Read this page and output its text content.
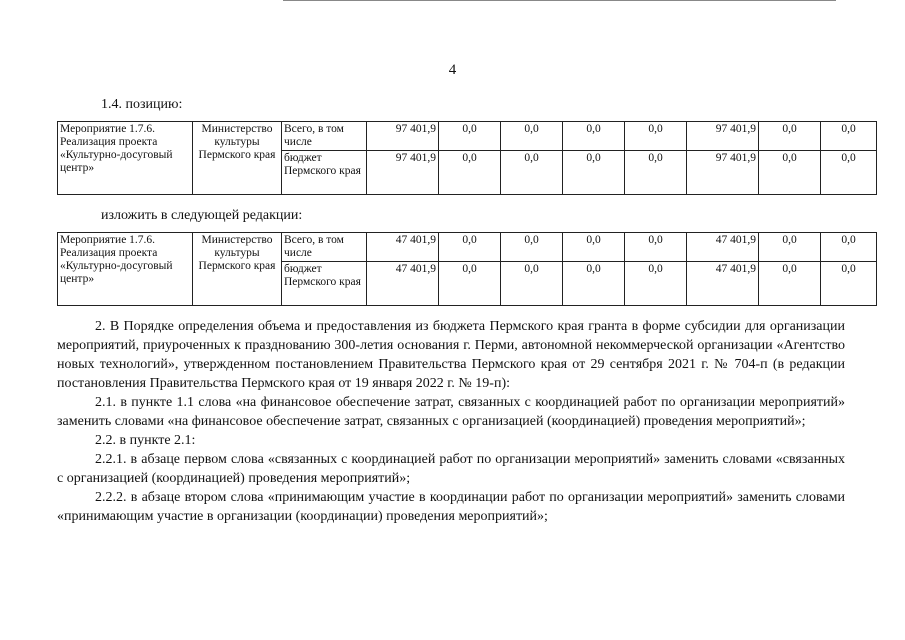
4
1.4. позицию:
Мероприятие 1.7.6. Реализация проекта «Культурно-досуговый центр»	Министерство культуры Пермского края	Всего, в том числе	97 401,9	0,0	0,0	0,0	0,0	97 401,9	0,0	0,0
		бюджет Пермского края	97 401,9	0,0	0,0	0,0	0,0	97 401,9	0,0	0,0
изложить в следующей редакции:
Мероприятие 1.7.6. Реализация проекта «Культурно-досуговый центр»	Министерство культуры Пермского края	Всего, в том числе	47 401,9	0,0	0,0	0,0	0,0	47 401,9	0,0	0,0
		бюджет Пермского края	47 401,9	0,0	0,0	0,0	0,0	47 401,9	0,0	0,0

2. В Порядке определения объема и предоставления из бюджета Пермского края гранта в форме субсидии для организации мероприятий, приуроченных к празднованию 300-летия основания г. Перми, автономной некоммерческой организации «Агентство новых технологий», утвержденном постановлением Правительства Пермского края от 29 сентября 2021 г. № 704-п (в редакции постановления Правительства Пермского края от 19 января 2022 г. № 19-п):

2.1. в пункте 1.1 слова «на финансовое обеспечение затрат, связанных с координацией работ по организации мероприятий» заменить словами «на финансовое обеспечение затрат, связанных с организацией (координацией) проведения мероприятий»;

2.2. в пункте 2.1:

2.2.1. в абзаце первом слова «связанных с координацией работ по организации мероприятий» заменить словами «связанных с организацией (координацией) проведения мероприятий»;

2.2.2. в абзаце втором слова «принимающим участие в координации работ по организации мероприятий» заменить словами «принимающим участие в организации (координации) проведения мероприятий»;
